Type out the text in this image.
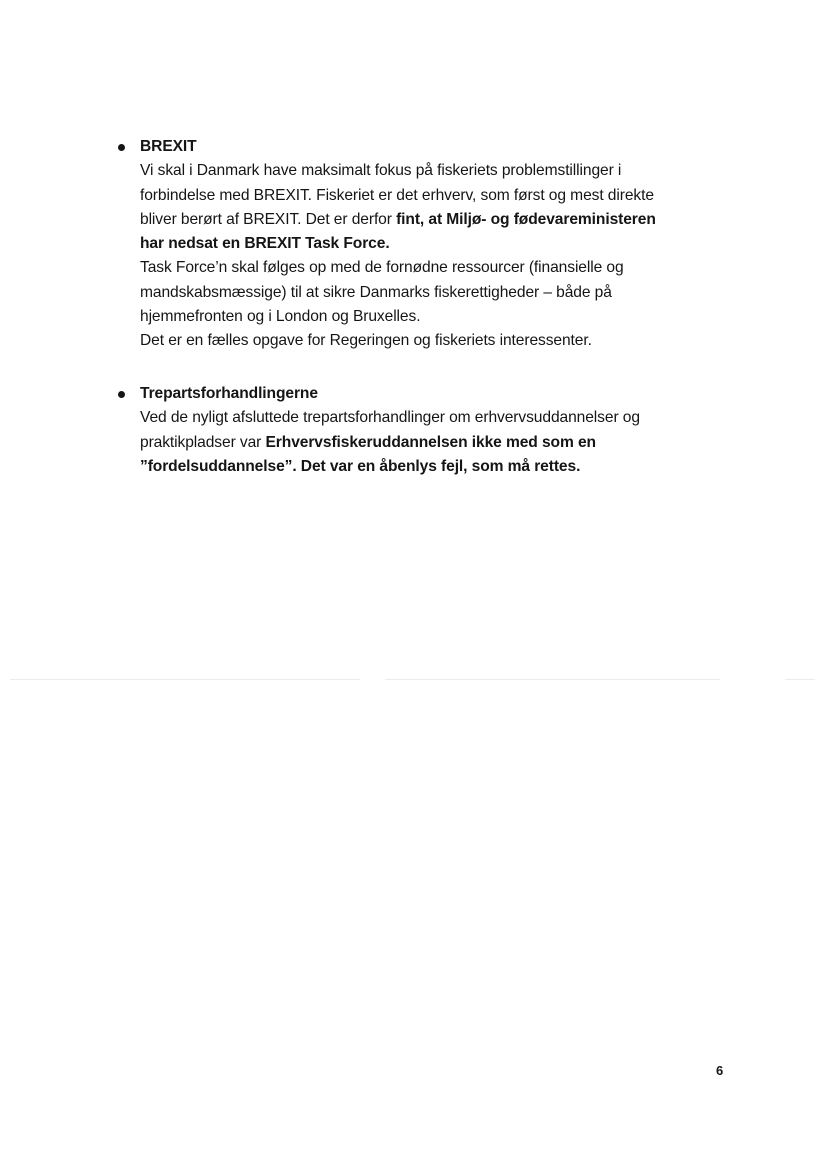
BREXIT
Vi skal i Danmark have maksimalt fokus på fiskeriets problemstillinger i
forbindelse med BREXIT. Fiskeriet er det erhverv, som først og mest direkte
bliver berørt af BREXIT. Det er derfor fint, at Miljø- og fødevareministeren
har nedsat en BREXIT Task Force.
Task Force’n skal følges op med de fornødne ressourcer (finansielle og
mandskabsmæssige) til at sikre Danmarks fiskerettigheder – både på
hjemmefronten og i London og Bruxelles.
Det er en fælles opgave for Regeringen og fiskeriets interessenter.
Trepartsforhandlingerne
Ved de nyligt afsluttede trepartsforhandlinger om erhvervsuddannelser og
praktikpladser var Erhvervsfiskeruddannelsen ikke med som en
”fordelsuddannelse”. Det var en åbenlys fejl, som må rettes.
6
